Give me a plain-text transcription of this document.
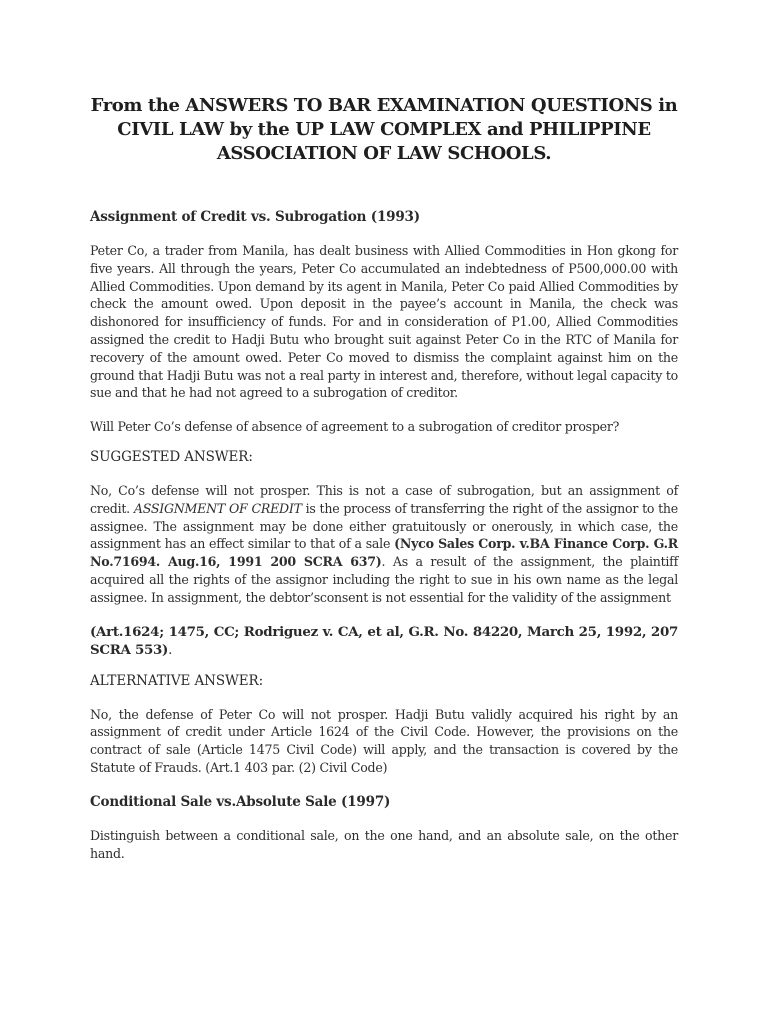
From the ANSWERS TO BAR EXAMINATION QUESTIONS in CIVIL LAW by the UP LAW COMPLEX and PHILIPPINE ASSOCIATION OF LAW SCHOOLS.

Assignment of Credit vs. Subrogation (1993)

Peter Co, a trader from Manila, has dealt business with Allied Commodities in Hon gkong for five years. All through the years, Peter Co accumulated an indebtedness of P500,000.00 with Allied Commodities. Upon demand by its agent in Manila, Peter Co paid Allied Commodities by check the amount owed. Upon deposit in the payee’s account in Manila, the check was dishonored for insufficiency of funds. For and in consideration of P1.00, Allied Commodities assigned the credit to Hadji Butu who brought suit against Peter Co in the RTC of Manila for recovery of the amount owed. Peter Co moved to dismiss the complaint against him on the ground that Hadji Butu was not a real party in interest and, therefore, without legal capacity to sue and that he had not agreed to a subrogation of creditor.

Will Peter Co’s defense of absence of agreement to a subrogation of creditor prosper?

SUGGESTED ANSWER:

No, Co’s defense will not prosper. This is not a case of subrogation, but an assignment of credit. ASSIGNMENT OF CREDIT is the process of transferring the right of the assignor to the assignee. The assignment may be done either gratuitously or onerously, in which case, the assignment has an effect similar to that of a sale (Nyco Sales Corp. v.BA Finance Corp. G.R No.71694. Aug.16, 1991 200 SCRA 637). As a result of the assignment, the plaintiff acquired all the rights of the assignor including the right to sue in his own name as the legal assignee. In assignment, the debtor’sconsent is not essential for the validity of the assignment

(Art.1624; 1475, CC; Rodriguez v. CA, et al, G.R. No. 84220, March 25, 1992, 207 SCRA 553).

ALTERNATIVE ANSWER:

No, the defense of Peter Co will not prosper. Hadji Butu validly acquired his right by an assignment of credit under Article 1624 of the Civil Code. However, the provisions on the contract of sale (Article 1475 Civil Code) will apply, and the transaction is covered by the Statute of Frauds. (Art.1 403 par. (2) Civil Code)

Conditional Sale vs.Absolute Sale (1997)

Distinguish between a conditional sale, on the one hand, and an absolute sale, on the other hand.
